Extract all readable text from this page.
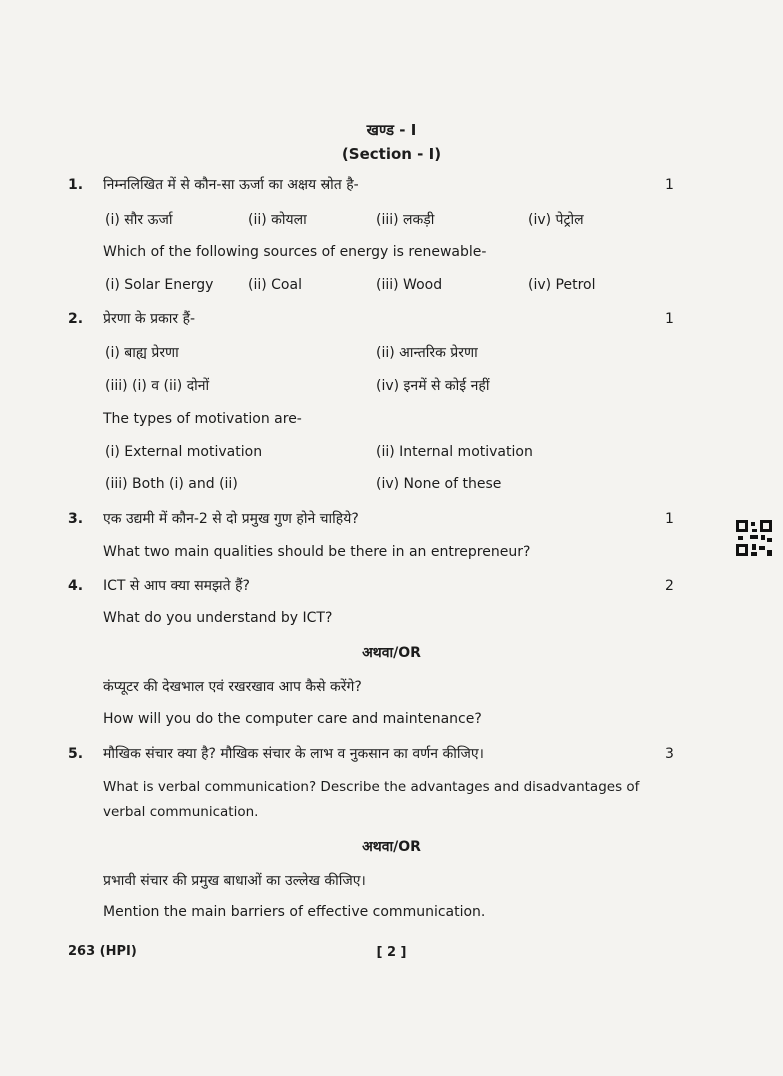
खण्ड - I
(Section - I)
1. निम्नलिखित में से कौन-सा ऊर्जा का अक्षय स्रोत है-	1
(i) सौर ऊर्जा	(ii) कोयला	(iii) लकड़ी	(iv) पेट्रोल
Which of the following sources of energy is renewable-
(i) Solar Energy (ii) Coal	(iii) Wood	(iv) Petrol
2. प्रेरणा के प्रकार हैं-	1
(i) बाह्य प्रेरणा	(ii) आन्तरिक प्रेरणा
(iii) (i) व (ii) दोनों	(iv) इनमें से कोई नहीं
The types of motivation are-
(i) External motivation	(ii) Internal motivation
(iii) Both (i) and (ii)	(iv) None of these
3. एक उद्यमी में कौन-2 से दो प्रमुख गुण होने चाहिये?	1
What two main qualities should be there in an entrepreneur?
4. ICT से आप क्या समझते हैं?	2
What do you understand by ICT?
अथवा/OR
कंप्यूटर की देखभाल एवं रखरखाव आप कैसे करेंगे?
How will you do the computer care and maintenance?
5. मौखिक संचार क्या है? मौखिक संचार के लाभ व नुकसान का वर्णन कीजिए।	3
What is verbal communication? Describe the advantages and disadvantages of
verbal communication.
अथवा/OR
प्रभावी संचार की प्रमुख बाधाओं का उल्लेख कीजिए।
Mention the main barriers of effective communication.
263 (HPI)	[ 2 ]
